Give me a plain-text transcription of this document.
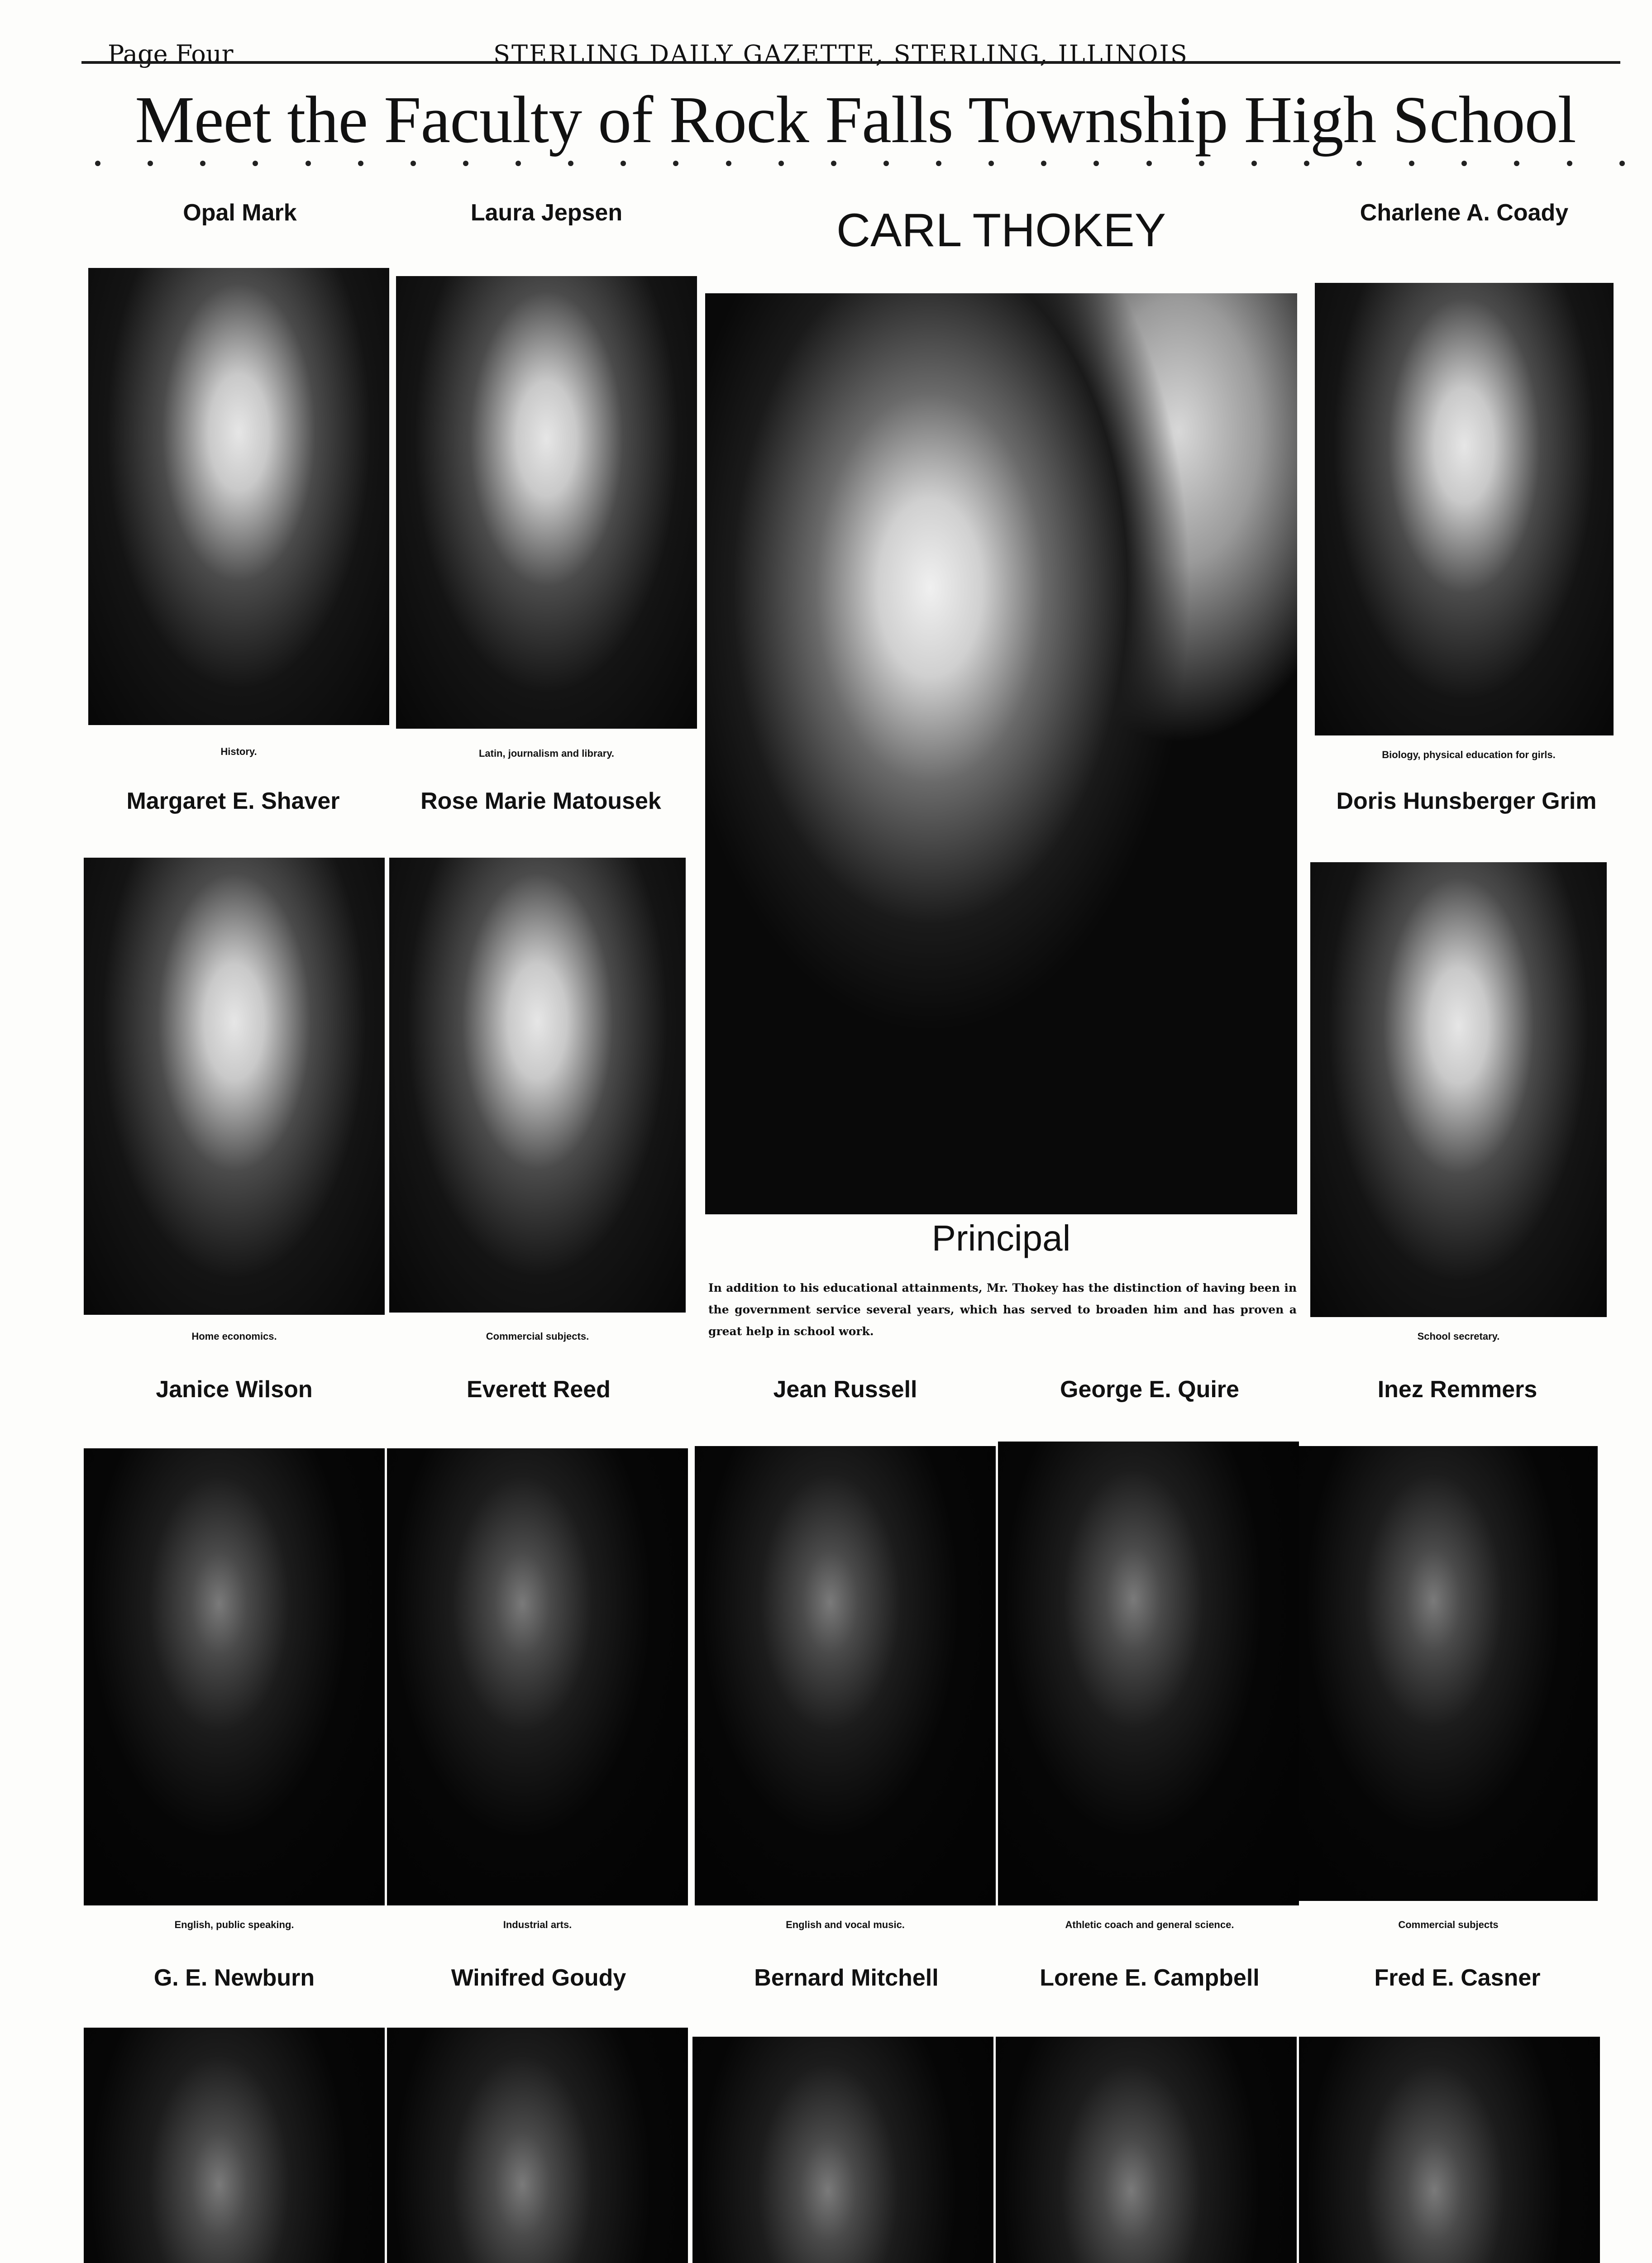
Page Four	STERLING DAILY GAZETTE, STERLING, ILLINOIS
Meet the Faculty of Rock Falls Township High School
CARL THOKEY
Principal
In addition to his educational attainments, Mr. Thokey has the distinction of having been in the government service several years, which has served to broaden him and has proven a great help in school work.
Opal Mark
History.
Laura Jepsen
Latin, journalism and library.
Charlene A. Coady
Biology, physical education for girls.
Margaret E. Shaver
Home economics.
Rose Marie Matousek
Commercial subjects.
Doris Hunsberger Grim
School secretary.
Janice Wilson
English, public speaking.
Everett Reed
Industrial arts.
Jean Russell
English and vocal music.
George E. Quire
Athletic coach and general science.
Inez Remmers
Commercial subjects
G. E. Newburn	Winifred Goudy	Bernard Mitchell	Lorene E. Campbell	Fred E. Casner
